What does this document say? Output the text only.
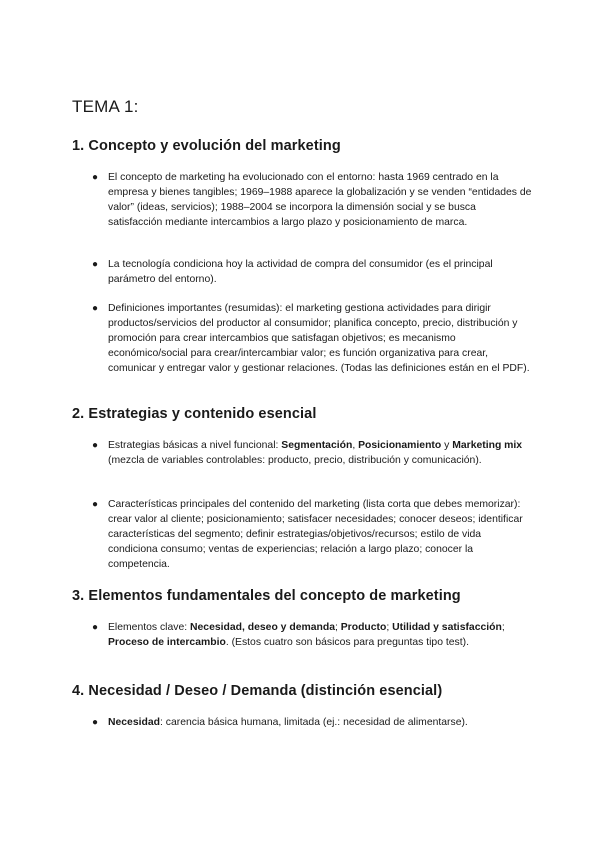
TEMA 1:
1. Concepto y evolución del marketing
● El concepto de marketing ha evolucionado con el entorno: hasta 1969 centrado en la empresa y bienes tangibles; 1969–1988 aparece la globalización y se venden “entidades de valor” (ideas, servicios); 1988–2004 se incorpora la dimensión social y se busca satisfacción mediante intercambios a largo plazo y posicionamiento de marca.
● La tecnología condiciona hoy la actividad de compra del consumidor (es el principal parámetro del entorno).
● Definiciones importantes (resumidas): el marketing gestiona actividades para dirigir productos/servicios del productor al consumidor; planifica concepto, precio, distribución y promoción para crear intercambios que satisfagan objetivos; es mecanismo económico/social para crear/intercambiar valor; es función organizativa para crear, comunicar y entregar valor y gestionar relaciones. (Todas las definiciones están en el PDF).
2. Estrategias y contenido esencial
● Estrategias básicas a nivel funcional: Segmentación, Posicionamiento y Marketing mix (mezcla de variables controlables: producto, precio, distribución y comunicación).
● Características principales del contenido del marketing (lista corta que debes memorizar): crear valor al cliente; posicionamiento; satisfacer necesidades; conocer deseos; identificar características del segmento; definir estrategias/objetivos/recursos; estilo de vida condiciona consumo; ventas de experiencias; relación a largo plazo; conocer la competencia.
3. Elementos fundamentales del concepto de marketing
● Elementos clave: Necesidad, deseo y demanda; Producto; Utilidad y satisfacción; Proceso de intercambio. (Estos cuatro son básicos para preguntas tipo test).
4. Necesidad / Deseo / Demanda (distinción esencial)
● Necesidad: carencia básica humana, limitada (ej.: necesidad de alimentarse).
